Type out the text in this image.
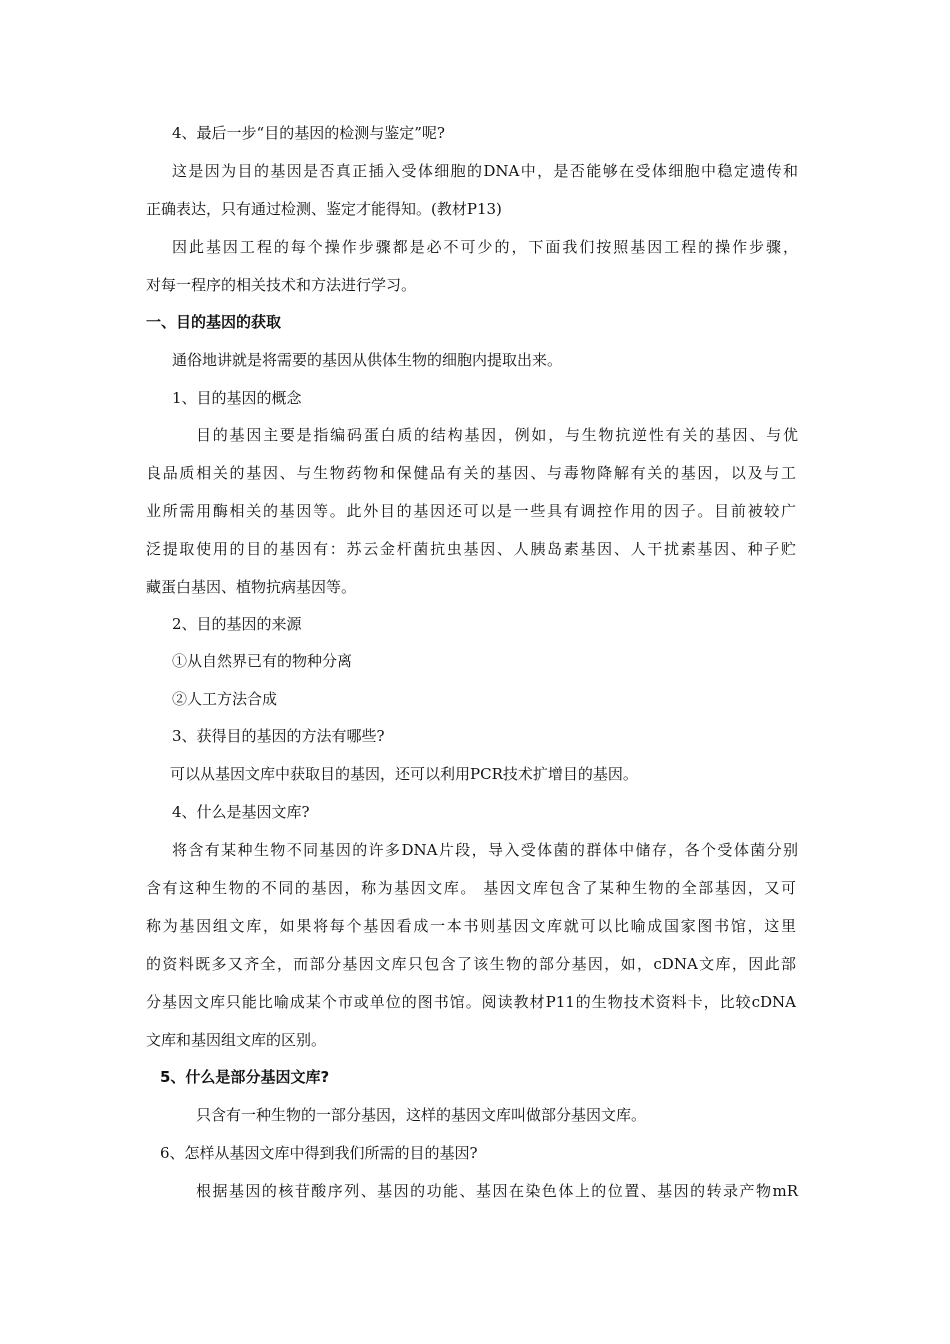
4、最后一步“目的基因的检测与鉴定”呢?
这是因为目的基因是否真正插入受体细胞的DNA中，是否能够在受体细胞中稳定遗传和
正确表达，只有通过检测、鉴定才能得知。(教材P13)
因此基因工程的每个操作步骤都是必不可少的，下面我们按照基因工程的操作步骤，
对每一程序的相关技术和方法进行学习。
一、目的基因的获取
通俗地讲就是将需要的基因从供体生物的细胞内提取出来。
1、目的基因的概念
目的基因主要是指编码蛋白质的结构基因，例如，与生物抗逆性有关的基因、与优
良品质相关的基因、与生物药物和保健品有关的基因、与毒物降解有关的基因，以及与工
业所需用酶相关的基因等。此外目的基因还可以是一些具有调控作用的因子。目前被较广
泛提取使用的目的基因有：苏云金杆菌抗虫基因、人胰岛素基因、人干扰素基因、种子贮
藏蛋白基因、植物抗病基因等。
2、目的基因的来源
①从自然界已有的物种分离
②人工方法合成
3、获得目的基因的方法有哪些?
可以从基因文库中获取目的基因，还可以利用PCR技术扩增目的基因。
4、什么是基因文库?
将含有某种生物不同基因的许多DNA片段，导入受体菌的群体中储存，各个受体菌分别
含有这种生物的不同的基因，称为基因文库。 基因文库包含了某种生物的全部基因，又可
称为基因组文库，如果将每个基因看成一本书则基因文库就可以比喻成国家图书馆，这里
的资料既多又齐全，而部分基因文库只包含了该生物的部分基因，如，cDNA文库，因此部
分基因文库只能比喻成某个市或单位的图书馆。阅读教材P11的生物技术资料卡，比较cDNA
文库和基因组文库的区别。
5、什么是部分基因文库?
只含有一种生物的一部分基因，这样的基因文库叫做部分基因文库。
6、怎样从基因文库中得到我们所需的目的基因?
根据基因的核苷酸序列、基因的功能、基因在染色体上的位置、基因的转录产物mR
